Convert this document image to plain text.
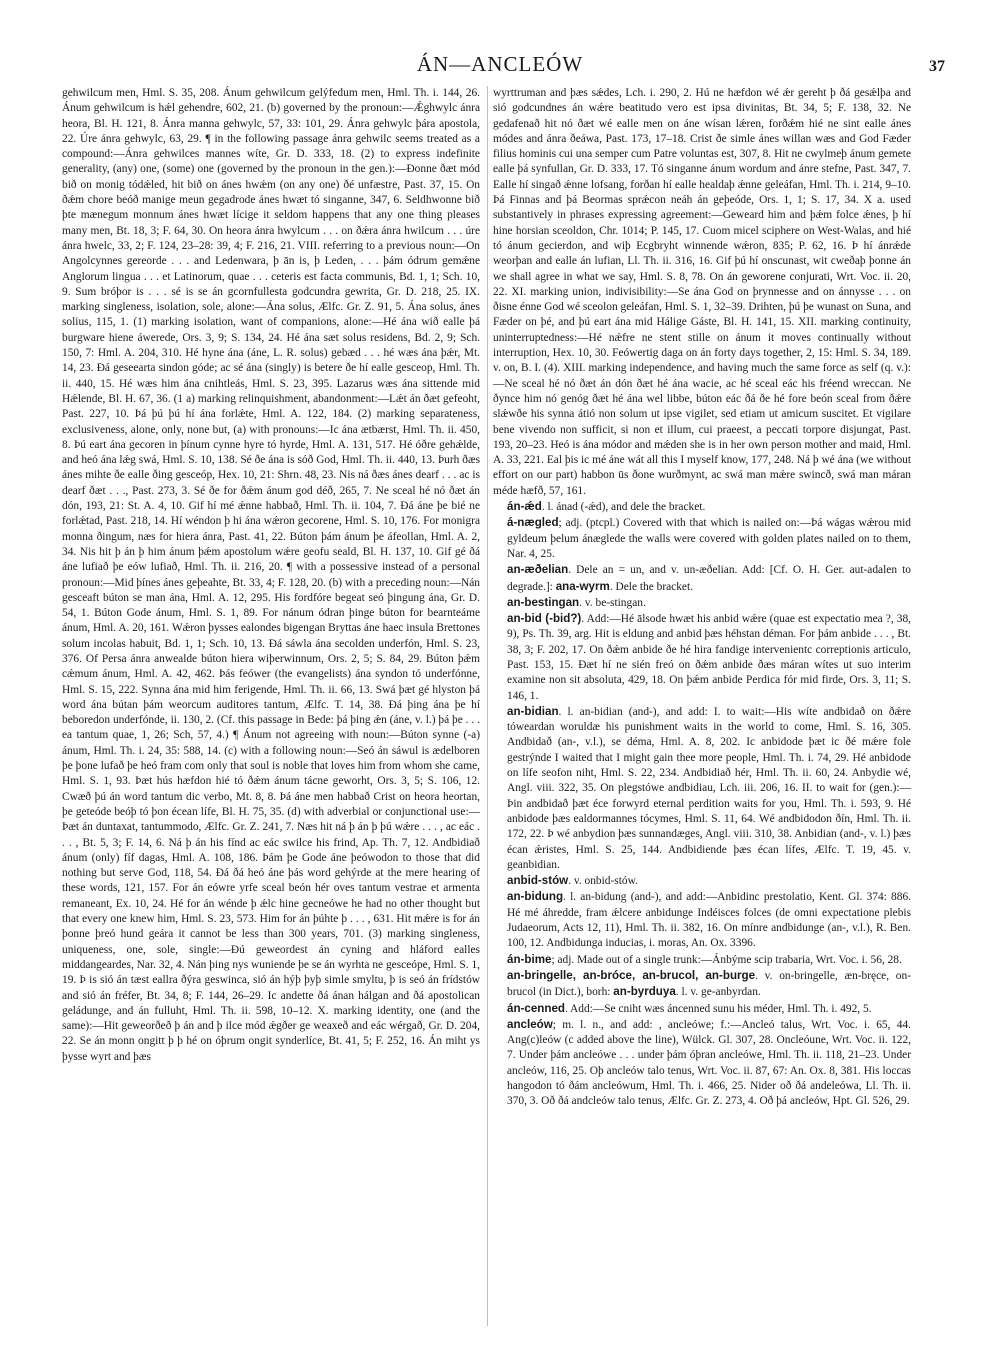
ÁN—ANCLEÓW	37

gehwilcum men, Hml. S. 35, 208. Ánum gehwilcum gelýfedum men, Hml. Th. i. 144, 26. Ánum gehwilcum is hǽl gehendre, 602, 21. (b) governed by the pronoun:—Ǽghwylc ánra heora, Bl. H. 121, 8. Ánra manna gehwylc, 57, 33: 101, 29. Ánra gehwylc þára apostola, 22. Úre ánra gehwylc, 63, 29. ¶ in the following passage ánra gehwilc seems treated as a compound:—Ánra gehwilces mannes wíte, Gr. D. 333, 18. (2) to express indefinite generality, (any) one, (some) one (governed by the pronoun in the gen.):—Ðonne ðæt mód bið on monig tódǽled, hit bið on ánes hwǽm (on any one) ðé unfæstre, Past. 37, 15. On ðǽm chore beóð manige meun gegadrode ánes hwæt tó singanne, 347, 6. Seldhwonne bið þte mænegum monnum ánes hwæt lícige it seldom happens that any one thing pleases many men, Bt. 18, 3; F. 64, 30. On heora ánra hwylcum . . . on ðǽra ánra hwilcum . . . úre ánra hwelc, 33, 2; F. 124, 23–28: 39, 4; F. 216, 21. VIII. referring to a previous noun:—On Angolcynnes gereorde . . . and Ledenwara, þ ān is, þ Leden, . . . þám ódrum gemǽne Anglorum lingua . . . et Latinorum, quae . . . ceteris est facta communis, Bd. 1, 1; Sch. 10, 9. Sum bróþor is . . . sé is se án gcornfullesta godcundra gewrita, Gr. D. 218, 25. IX. marking singleness, isolation, sole, alone:—Ána solus, Ælfc. Gr. Z. 91, 5. Ána solus, ánes solius, 115, 1. (1) marking isolation, want of companions, alone:—Hé ána wið ealle þá burgware hiene áwerede, Ors. 3, 9; S. 134, 24. Hé ána sæt solus residens, Bd. 2, 9; Sch. 150, 7: Hml. A. 204, 310. Hé hyne ána (áne, L. R. solus) gebæd . . . hé wæs ána þǽr, Mt. 14, 23. Ðá geseearta sindon góde; ac sé ána (singly) is betere ðe hí ealle gesceop, Hml. Th. ii. 440, 15. Hé wæs him ána cnihtleás, Hml. S. 23, 395. Lazarus wæs ána sittende mid Hǽlende, Bl. H. 67, 36. (1 a) marking relinquishment, abandonment:—Lǽt án ðæt gefeoht, Past. 227, 10. Þá þú þú hí ána forlǽte, Hml. A. 122, 184. (2) marking separateness, exclusiveness, alone, only, none but, (a) with pronouns:—Ic ána ætbærst, Hml. Th. ii. 450, 8. Þú eart ána gecoren in þínum cynne hyre tó hyrde, Hml. A. 131, 517. Hé óðre gehǽlde, and heó ána lǽg swá, Hml. S. 10, 138. Sé ðe ána is sóð God, Hml. Th. ii. 440, 13. Þurh ðæs ánes mihte ðe ealle ðing gesceóp, Hex. 10, 21: Shrn. 48, 23. Nis ná ðæs ánes dearf . . . ac is dearf ðæt . . ., Past. 273, 3. Sé ðe for ðǽm ánum god déð, 265, 7. Ne sceal hé nó ðæt án dón, 193, 21: St. A. 4, 10. Gif hí mé ǽnne habbað, Hml. Th. ii. 104, 7. Ðá áne þe bié ne forlǽtad, Past. 218, 14. Hí wéndon þ hi ána wǽron gecorene, Hml. S. 10, 176. For monigra monna ðingum, næs for hiera ánra, Past. 41, 22. Búton þám ánum þe áfeollan, Hml. A. 2, 34. Nis hit þ án þ him ánum þǽm apostolum wǽre geofu seald, Bl. H. 137, 10. Gif gé ðá áne lufiað þe eów lufiað, Hml. Th. ii. 216, 20. ¶ with a possessive instead of a personal pronoun:—Mid þínes ánes geþeahte, Bt. 33, 4; F. 128, 20. (b) with a preceding noun:—Nán gesceaft búton se man ána, Hml. A. 12, 295. His fordfóre begeat seó þingung ána, Gr. D. 54, 1. Búton Gode ánum, Hml. S. 1, 89. For nánum ódran þinge búton for bearnteáme ánum, Hml. A. 20, 161. Wǽron þysses ealondes bigengan Bryttas áne haec insula Brettones solum incolas habuit, Bd. 1, 1; Sch. 10, 13. Ðá sáwla ána secolden underfón, Hml. S. 23, 376. Of Persa ánra anwealde búton hiera wiþerwinnum, Ors. 2, 5; S. 84, 29. Búton þǽm cǽmum ánum, Hml. A. 42, 462. Þás feówer (the evangelists) ána syndon tó underfónne, Hml. S. 15, 222. Synna ána mid him ferigende, Hml. Th. ii. 66, 13. Swá þæt gé hlyston þá word ána bútan þám weorcum auditores tantum, Ælfc. T. 14, 38. Ðá þing ána þe hí beboredon underfónde, ii. 130, 2. (Cf. this passage in Bede: þá þing ǽn (áne, v. l.) þá þe . . . ea tantum quae, 1, 26; Sch, 57, 4.) ¶ Ánum not agreeing with noun:—Búton synne (-a) ánum, Hml. Th. i. 24, 35: 588, 14. (c) with a following noun:—Seó án sáwul is ædelboren þe þone lufað þe heó fram com only that soul is noble that loves him from whom she came, Hml. S. 1, 93. Þæt hús hæfdon hié tó ðǽm ánum tácne geworht, Ors. 3, 5; S. 106, 12. Cwæð þú án word tantum dic verbo, Mt. 8, 8. Þá áne men habbað Crist on heora heortan, þe geteóde beóþ tó þon écean lífe, Bl. H. 75, 35. (d) with adverbial or conjunctional use:—Þæt án duntaxat, tantummodo, Ælfc. Gr. Z. 241, 7. Næs hit ná þ án þ þú wǽre . . . , ac eác . . . , Bt. 5, 3; F. 14, 6. Ná þ án his fínd ac eác swilce his frind, Ap. Th. 7, 12. Andbidiað ánum (only) fíf dagas, Hml. A. 108, 186. Þám þe Gode áne þeówodon to those that did nothing but serve God, 118, 54. Ðá ðá heó áne þás word gehýrde at the mere hearing of these words, 121, 157. For án eówre yrfe sceal beón hér oves tantum vestrae et armenta remaneant, Ex. 10, 24. Hé for án wénde þ ǽlc hine gecneówe he had no other thought but that every one knew him, Hml. S. 23, 573. Him for án þúhte þ . . . , 631. Hit mǽre is for án þonne þreó hund geára it cannot be less than 300 years, 701. (3) marking singleness, uniqueness, one, sole, single:—Ðú geweordest án cyning and hláford ealles middangeardes, Nar. 32, 4. Nán þing nys wuniende þe se án wyrhta ne gesceópe, Hml. S. 1, 19. Þ is sió án tæst eallra ðýra geswinca, sió án hýþ þyþ simle smyltu, þ is seó án frídstów and sió án fréfer, Bt. 34, 8; F. 144, 26–29. Ic andette ðá ánan hálgan and ðá apostolican geládunge, and án fulluht, Hml. Th. ii. 598, 10–12. X. marking identity, one (and the same):—Hit geweorðeð þ án and þ ilce mód ǽgðer ge weaxeð and eác wérgað, Gr. D. 204, 22. Se án monn ongitt þ þ hé on óþrum ongit synderlíce, Bt. 41, 5; F. 252, 16. Án miht ys þysse wyrt and þæs

wyrttruman and þæs sǽdes, Lch. i. 290, 2. Hú ne hæfdon wé ǽr gereht þ ðá gesǽlþa and sió godcundnes án wǽre beatitudo vero est ipsa divinitas, Bt. 34, 5; F. 138, 32. Ne gedafenað hit nó ðæt wé ealle men on áne wísan lǽren, forðǽm hié ne sint ealle ánes módes and ánra ðeáwa, Past. 173, 17–18. Crist ðe simle ánes willan wæs and God Fæder filius hominis cui una semper cum Patre voluntas est, 307, 8. Hit ne cwylmeþ ánum gemete ealle þá synfullan, Gr. D. 333, 17. Tó singanne ánum wordum and ánre stefne, Past. 347, 7. Ealle hí singað ǽnne lofsang, forðan hí ealle healdaþ ǽnne geleáfan, Hml. Th. i. 214, 9–10. Þá Finnas and þá Beormas sprǽcon neáh án geþeóde, Ors. 1, 1; S. 17, 34. X a. used substantively in phrases expressing agreement:—Geweard him and þǽm folce ǽnes, þ hí hine horsian sceoldon, Chr. 1014; P. 145, 17. Cuom micel sciphere on West-Walas, and hié tó ánum gecierdon, and wiþ Ecgbryht winnende wǽron, 835; P. 62, 16. Þ hí ánrǽde weorþan and ealle án lufian, Ll. Th. ii. 316, 16. Gif þú hí onscunast, wit cweðaþ þonne án we shall agree in what we say, Hml. S. 8, 78. On án geworene conjurati, Wrt. Voc. ii. 20, 22. XI. marking union, indivisibility:—Se ána God on þrynnesse and on ánnysse . . . on ðisne énne God wé sceolon geleáfan, Hml. S. 1, 32–39. Drihten, þú þe wunast on Suna, and Fæder on þé, and þú eart ána mid Hálige Gáste, Bl. H. 141, 15. XII. marking continuity, uninterruptedness:—Hé nǽfre ne stent stille on ánum it moves continually without interruption, Hex. 10, 30. Feówertig daga on án forty days together, 2, 15: Hml. S. 34, 189. v. on, B. I. (4). XIII. marking independence, and having much the same force as self (q. v.):—Ne sceal hé nó ðæt án dón ðæt hé ána wacie, ac hé sceal eác his fréend wreccan. Ne ðynce him nó genóg ðæt hé ána wel libbe, búton eác ðá ðe hé fore beón sceal from ðǽre slǽwðe his synna átió non solum ut ipse vigilet, sed etiam ut amicum suscitet. Et vigilare bene vivendo non sufficit, si non et illum, cui praeest, a peccati torpore disjungat, Past. 193, 20–23. Heó is ána módor and mǽden she is in her own person mother and maid, Hml. A. 33, 221. Eal þis ic mé áne wát all this I myself know, 177, 248. Ná þ wé ána (we without effort on our part) habbon ūs ðone wurðmynt, ac swá man mǽre swincð, swá man máran méde hæfð, 57, 161.

án-ǽd. l. ánad (-ǽd), and dele the bracket.

á-nægled; adj. (ptcpl.) Covered with that which is nailed on:—Þá wágas wǽrou mid gyldeum þelum ánæglede the walls were covered with golden plates nailed on to them, Nar. 4, 25.

an-æðelian. Dele an = un, and v. un-æðelian. Add: [Cf. O. H. Ger. aut-adalen to degrade.]: ana-wyrm. Dele the bracket.

an-bestingan. v. be-stingan.

an-bid (-bid?). Add:—Hé ālsode hwæt his anbid wǽre (quae est expectatio mea ?, 38, 9), Ps. Th. 39, arg. Hit is eldung and anbid þæs héhstan déman. For þám anbide . . . , Bt. 38, 3; F. 202, 17. On ðǽm anbide ðe hé hira fandige intervenientc correptionis articulo, Past. 153, 15. Ðæt hí ne sién freó on ðǽm anbide ðæs máran wítes ut suo interim examine non sit absoluta, 429, 18. On þǽm anbide Perdica fór mid firde, Ors. 3, 11; S. 146, 1.

an-bidian. l. an-bidian (and-), and add: I. to wait:—His wíte andbidað on ðǽre tóweardan woruldæ his punishment waits in the world to come, Hml. S. 16, 305. Andbidað (an-, v.l.), se déma, Hml. A. 8, 202. Ic anbidode þæt ic ðé mǽre fole gestrýnde I waited that I might gain thee more people, Hml. Th. i. 74, 29. Hé anbidode on lífe seofon niht, Hml. S. 22, 234. Andbidiað hér, Hml. Th. ii. 60, 24. Anbydie wé, Angl. viii. 322, 35. On plegstówe andbidiau, Lch. iii. 206, 16. II. to wait for (gen.):—Þin andbidað þæt éce forwyrd eternal perdition waits for you, Hml. Th. i. 593, 9. Hé anbidode þæs ealdormannes tócymes, Hml. S. 11, 64. Wé andbidodon ðín, Hml. Th. ii. 172, 22. Þ wé anbydion þæs sunnandæges, Angl. viii. 310, 38. Anbidian (and-, v. l.) þæs écan ǽristes, Hml. S. 25, 144. Andbidiende þæs écan lífes, Ælfc. T. 19, 45. v. geanbidian.

anbid-stów. v. onbid-stów.

an-bidung. l. an-bidung (and-), and add:—Anbidinc prestolatio, Kent. Gl. 374: 886. Hé mé áhredde, fram ǽlcere anbidunge Indéisces folces (de omni expectatione plebis Judaeorum, Acts 12, 11), Hml. Th. ii. 382, 16. On mínre andbidunge (an-, v.l.), R. Ben. 100, 12. Andbidunga inducias, i. moras, An. Ox. 3396.

án-bime; adj. Made out of a single trunk:—Ánbýme scip trabaria, Wrt. Voc. i. 56, 28.

an-bringelle, an-bróce, an-brucol, an-burge. v. on-bringelle, æn-bręce, on-brucol (in Dict.), borh: an-byrduya. l. v. ge-anbyrdan.

án-cenned. Add:—Se cniht wæs áncenned sunu his méder, Hml. Th. i. 492, 5.

ancleów; m. l. n., and add: , ancleówe; f.:—Ancleó talus, Wrt. Voc. i. 65, 44. Ang(c)leów (c added above the line), Wülck. Gl. 307, 28. Oncleóune, Wrt. Voc. ii. 122, 7. Under þám ancleówe . . . under þám óþran ancleówe, Hml. Th. ii. 118, 21–23. Under ancleów, 116, 25. Oþ ancleów talo tenus, Wrt. Voc. ii. 87, 67: An. Ox. 8, 381. His loccas hangodon tó ðám ancleówum, Hml. Th. i. 466, 25. Nider oð ðá andeleówa, Ll. Th. ii. 370, 3. Oð ðá andcleów talo tenus, Ælfc. Gr. Z. 273, 4. Oð þá ancleów, Hpt. Gl. 526, 29.
